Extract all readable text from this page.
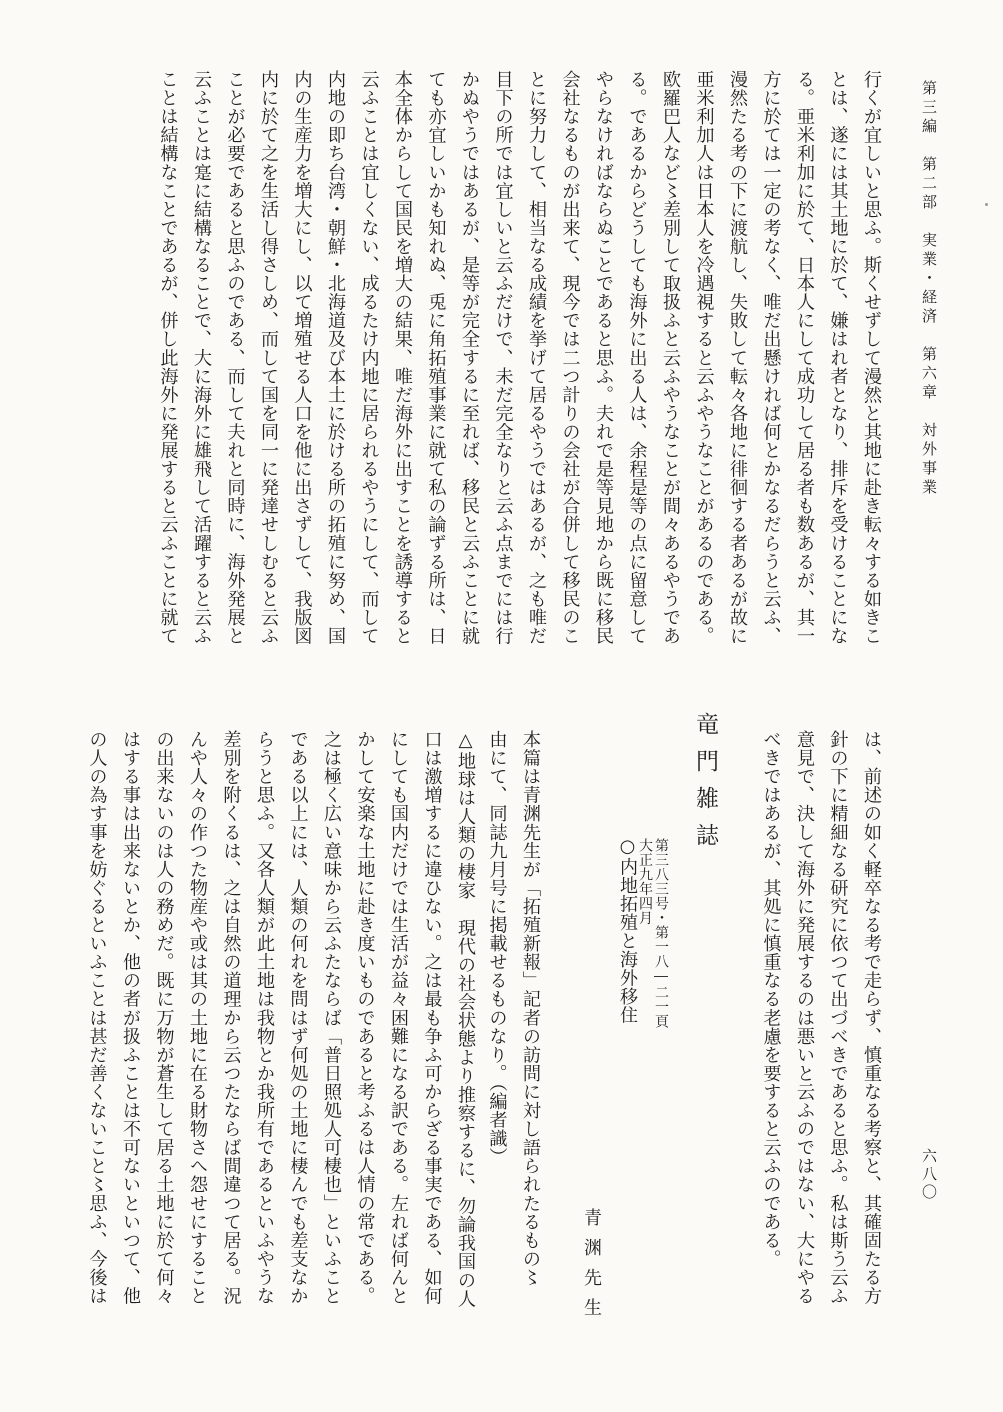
第三編　第二部　実業・経済　第六章　対外事業
行くが宜しいと思ふ。斯くせずして漫然と其地に赴き転々する如きこ
とは、遂には其土地に於て、嫌はれ者となり、排斥を受けることにな
る。亜米利加に於て、日本人にして成功して居る者も数あるが、其一
方に於ては一定の考なく、唯だ出懸ければ何とかなるだらうと云ふ、
漫然たる考の下に渡航し、失敗して転々各地に徘徊する者あるが故に
亜米利加人は日本人を冷遇視すると云ふやうなことがあるのである。
欧羅巴人など〻差別して取扱ふと云ふやうなことが間々あるやうであ
る。であるからどうしても海外に出る人は、余程是等の点に留意して
やらなければならぬことであると思ふ。夫れで是等見地から既に移民
会社なるものが出来て、現今では二つ計りの会社が合併して移民のこ
とに努力して、相当なる成績を挙げて居るやうではあるが、之も唯だ
目下の所では宜しいと云ふだけで、未だ完全なりと云ふ点までには行
かぬやうではあるが、是等が完全するに至れば、移民と云ふことに就
ても亦宜しいかも知れぬ、兎に角拓殖事業に就て私の論ずる所は、日
本全体からして国民を増大の結果、唯だ海外に出すことを誘導すると
云ふことは宜しくない、成るたけ内地に居られるやうにして、而して
内地の即ち台湾・朝鮮・北海道及び本土に於ける所の拓殖に努め、国
内の生産力を増大にし、以て増殖せる人口を他に出さずして、我版図
内に於て之を生活し得さしめ、而して国を同一に発達せしむると云ふ
ことが必要であると思ふのである、而して夫れと同時に、海外発展と
云ふことは寔に結構なることで、大に海外に雄飛して活躍すると云ふ
ことは結構なことであるが、併し此海外に発展すると云ふことに就て
は、前述の如く軽卒なる考で走らず、慎重なる考察と、其確固たる方
針の下に精細なる研究に依つて出づべきであると思ふ。私は斯う云ふ
意見で、決して海外に発展するのは悪いと云ふのではない、大にやる
べきではあるが、其処に慎重なる老慮を要すると云ふのである。
竜門雑誌
第三八三号・第一八―二一頁
大正九年四月
○内地拓殖と海外移住
青渊先生
本篇は青渊先生が「拓殖新報」記者の訪問に対し語られたるもの〻
由にて、同誌九月号に掲載せるものなり。（編者識）
△地球は人類の棲家　現代の社会状態より推察するに、勿論我国の人
口は激増するに違ひない。之は最も争ふ可からざる事実である、如何
にしても国内だけでは生活が益々困難になる訳である。左れば何んと
かして安楽な土地に赴き度いものであると考ふるは人情の常である。
之は極く広い意味から云ふたならば「普日照処人可棲也」といふこと
である以上には、人類の何れを問はず何処の土地に棲んでも差支なか
らうと思ふ。又各人類が此土地は我物とか我所有であるといふやうな
差別を附くるは、之は自然の道理から云つたならば間違つて居る。況
んや人々の作つた物産や或は其の土地に在る財物さへ怨せにすること
の出来ないのは人の務めだ。既に万物が蒼生して居る土地に於て何々
はする事は出来ないとか、他の者が扱ふことは不可ないといつて、他
の人の為す事を妨ぐるといふことは甚だ善くないこと〻思ふ、今後は	六八〇
